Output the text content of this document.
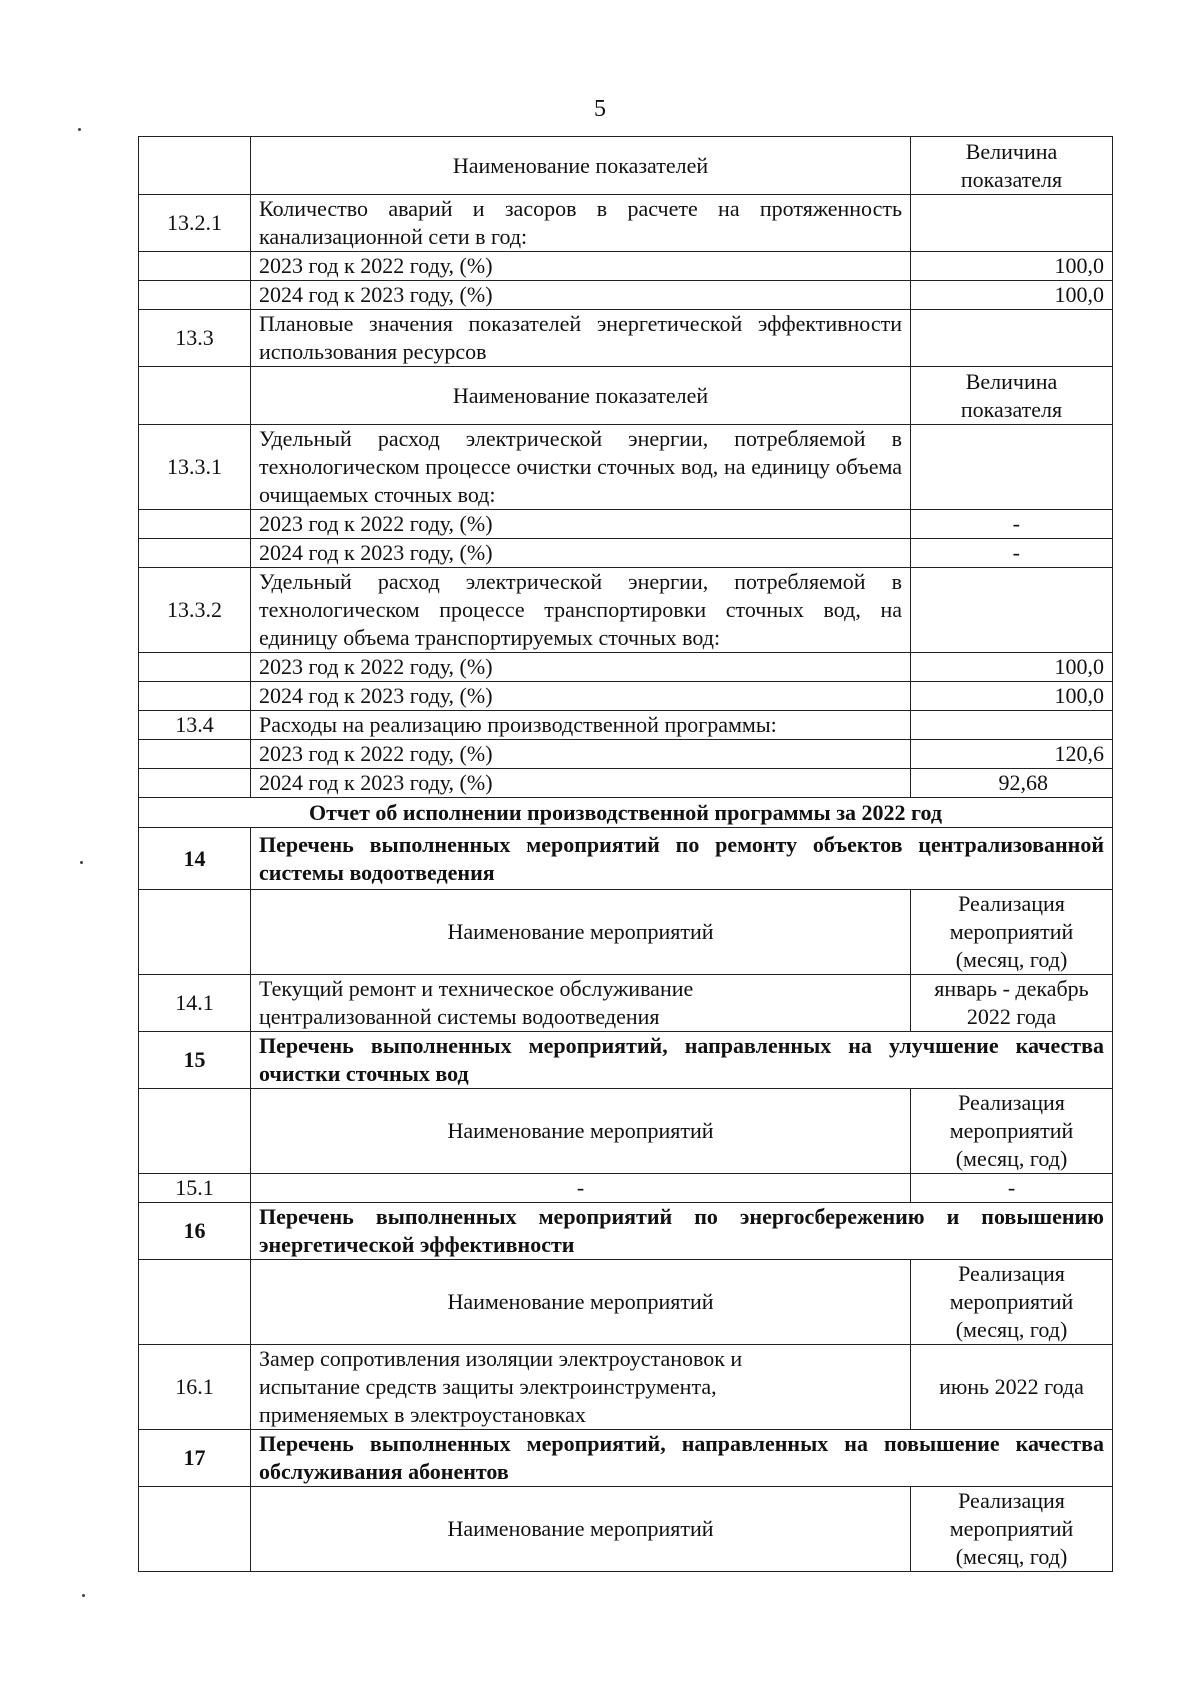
5
	Наименование показателей	Величина показателя
13.2.1	Количество аварий и засоров в расчете на протяженность канализационной сети в год:	
	2023 год к 2022 году, (%)	100,0
	2024 год к 2023 году, (%)	100,0
13.3	Плановые значения показателей энергетической эффективности использования ресурсов	
	Наименование показателей	Величина показателя
13.3.1	Удельный расход электрической энергии, потребляемой в технологическом процессе очистки сточных вод, на единицу объема очищаемых сточных вод:	
	2023 год к 2022 году, (%)	-
	2024 год к 2023 году, (%)	-
13.3.2	Удельный расход электрической энергии, потребляемой в технологическом процессе транспортировки сточных вод, на единицу объема транспортируемых сточных вод:	
	2023 год к 2022 году, (%)	100,0
	2024 год к 2023 году, (%)	100,0
13.4	Расходы на реализацию производственной программы:	
	2023 год к 2022 году, (%)	120,6
	2024 год к 2023 году, (%)	92,68
Отчет об исполнении производственной программы за 2022 год		
14	Перечень выполненных мероприятий по ремонту объектов централизованной системы водоотведения	
	Наименование мероприятий	Реализация мероприятий (месяц, год)
14.1	Текущий ремонт и техническое обслуживание централизованной системы водоотведения	январь - декабрь 2022 года
15	Перечень выполненных мероприятий, направленных на улучшение качества очистки сточных вод	
	Наименование мероприятий	Реализация мероприятий (месяц, год)
15.1	-	-
16	Перечень выполненных мероприятий по энергосбережению и повышению энергетической эффективности	
	Наименование мероприятий	Реализация мероприятий (месяц, год)
16.1	Замер сопротивления изоляции электроустановок и испытание средств защиты электроинструмента, применяемых в электроустановках	июнь 2022 года
17	Перечень выполненных мероприятий, направленных на повышение качества обслуживания абонентов	
	Наименование мероприятий	Реализация мероприятий (месяц, год)
